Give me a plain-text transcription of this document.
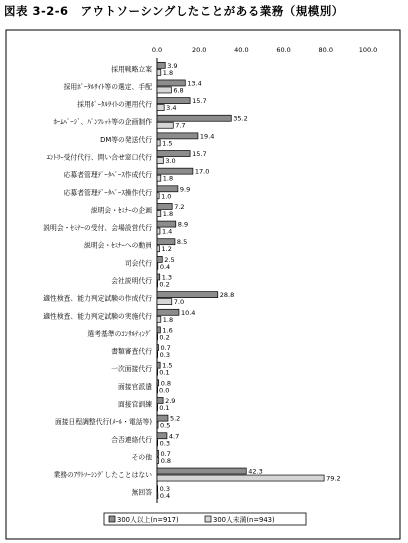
図表 3-2-6　アウトソーシングしたことがある業務（規模別）
0.0	20.0	40.0	60.0	80.0	100.0
採用戦略立案
採用ﾎﾟｰﾀﾙｻｲﾄ等の選定、手配
採用ﾎﾟｰﾀﾙｻｲﾄの運用代行
ﾎｰﾑﾍﾟｰｼﾞ、ﾊﾟﾝﾌﾚｯﾄ等の企画制作
DM等の発送代行
ｴﾝﾄﾘｰ受付代行、問い合せ窓口代行
応募者管理ﾃﾞｰﾀﾍﾞｰｽ作成代行
応募者管理ﾃﾞｰﾀﾍﾞｰｽ操作代行
説明会・ｾﾐﾅｰの企画
説明会・ｾﾐﾅｰの受付、会場設営代行
説明会・ｾﾐﾅｰへの動員
司会代行
会社説明代行
適性検査、能力判定試験の作成代行
適性検査、能力判定試験の実施代行
選考基準のｺﾝｻﾙﾃｨﾝｸﾞ
書類審査代行
一次面接代行
面接官派遣
面接官訓練
面接日程調整代行(ﾒｰﾙ・電話等)
合否連絡代行
その他
業務のｱｳﾄｿｰｼﾝｸﾞしたことはない
無回答
3.9
1.8
13.4
6.8
15.7
3.4
35.2
7.7
19.4
1.5
15.7
3.0
17.0
1.8
9.9
1.0
7.2
1.8
8.9
1.4
8.5
1.2
2.5
0.4
1.3
0.2
28.8
7.0
10.4
1.8
1.6
0.2
0.7
0.3
1.5
0.1
0.8
0.0
2.9
0.1
5.2
0.5
4.7
0.3
0.7
0.8
42.3
79.2
0.3
0.4
300人以上(n=917)	300人未満(n=943)
